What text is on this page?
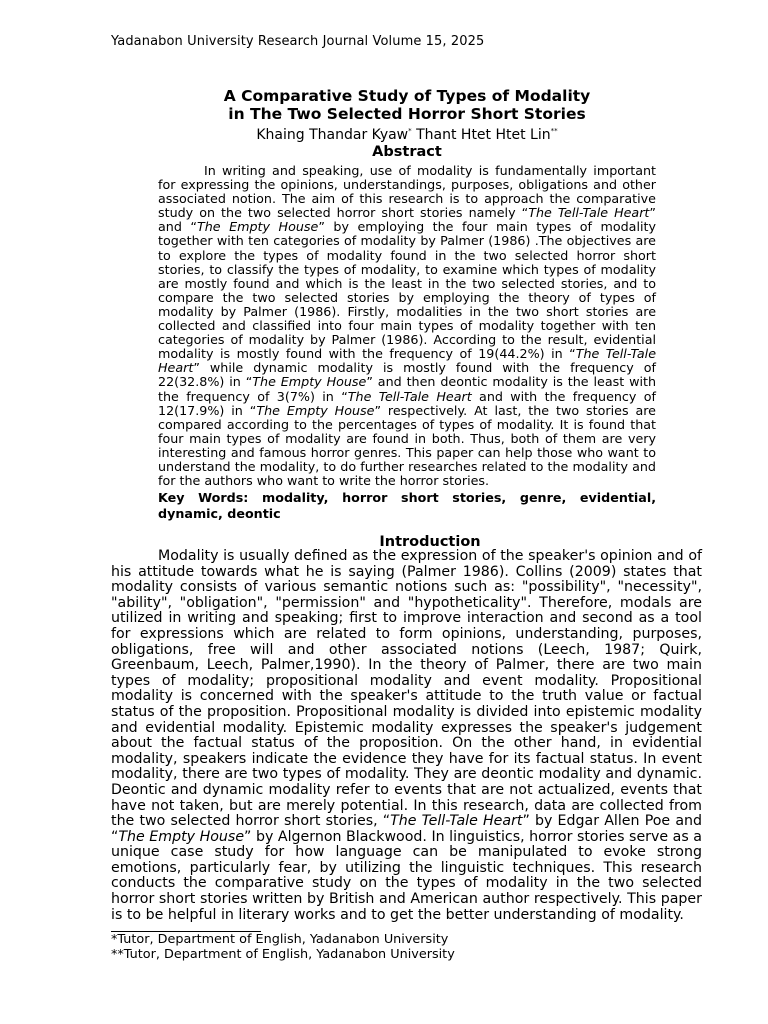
Yadanabon University Research Journal Volume 15, 2025
A Comparative Study of Types of Modality
in The Two Selected Horror Short Stories
Khaing Thandar Kyaw* Thant Htet Htet Lin**
Abstract

In writing and speaking, use of modality is fundamentally important for expressing the opinions, understandings, purposes, obligations and other associated notion. The aim of this research is to approach the comparative study on the two selected horror short stories namely “The Tell-Tale Heart” and “The Empty House” by employing the four main types of modality together with ten categories of modality by Palmer (1986) .The objectives are to explore the types of modality found in the two selected horror short stories, to classify the types of modality, to examine which types of modality are mostly found and which is the least in the two selected stories, and to compare the two selected stories by employing the theory of types of modality by Palmer (1986). Firstly, modalities in the two short stories are collected and classified into four main types of modality together with ten categories of modality by Palmer (1986). According to the result, evidential modality is mostly found with the frequency of 19(44.2%) in “The Tell-Tale Heart” while dynamic modality is mostly found with the frequency of 22(32.8%) in “The Empty House” and then deontic modality is the least with the frequency of 3(7%) in “The Tell-Tale Heart and with the frequency of 12(17.9%) in “The Empty House” respectively. At last, the two stories are compared according to the percentages of types of modality. It is found that four main types of modality are found in both. Thus, both of them are very interesting and famous horror genres. This paper can help those who want to understand the modality, to do further researches related to the modality and for the authors who want to write the horror stories.

Key Words: modality, horror short stories, genre, evidential, dynamic, deontic

Introduction

Modality is usually defined as the expression of the speaker's opinion and of his attitude towards what he is saying (Palmer 1986). Collins (2009) states that modality consists of various semantic notions such as: "possibility", "necessity", "ability", "obligation", "permission" and "hypotheticality". Therefore, modals are utilized in writing and speaking; first to improve interaction and second as a tool for expressions which are related to form opinions, understanding, purposes, obligations, free will and other associated notions (Leech, 1987; Quirk, Greenbaum, Leech, Palmer,1990). In the theory of Palmer, there are two main types of modality; propositional modality and event modality. Propositional modality is concerned with the speaker's attitude to the truth value or factual status of the proposition. Propositional modality is divided into epistemic modality and evidential modality. Epistemic modality expresses the speaker's judgement about the factual status of the proposition. On the other hand, in evidential modality, speakers indicate the evidence they have for its factual status. In event modality, there are two types of modality. They are deontic modality and dynamic. Deontic and dynamic modality refer to events that are not actualized, events that have not taken, but are merely potential. In this research, data are collected from the two selected horror short stories, “The Tell-Tale Heart” by Edgar Allen Poe and “The Empty House” by Algernon Blackwood. In linguistics, horror stories serve as a unique case study for how language can be manipulated to evoke strong emotions, particularly fear, by utilizing the linguistic techniques. This research conducts the comparative study on the types of modality in the two selected horror short stories written by British and American author respectively. This paper is to be helpful in literary works and to get the better understanding of modality.

*Tutor, Department of English, Yadanabon University
**Tutor, Department of English, Yadanabon University
